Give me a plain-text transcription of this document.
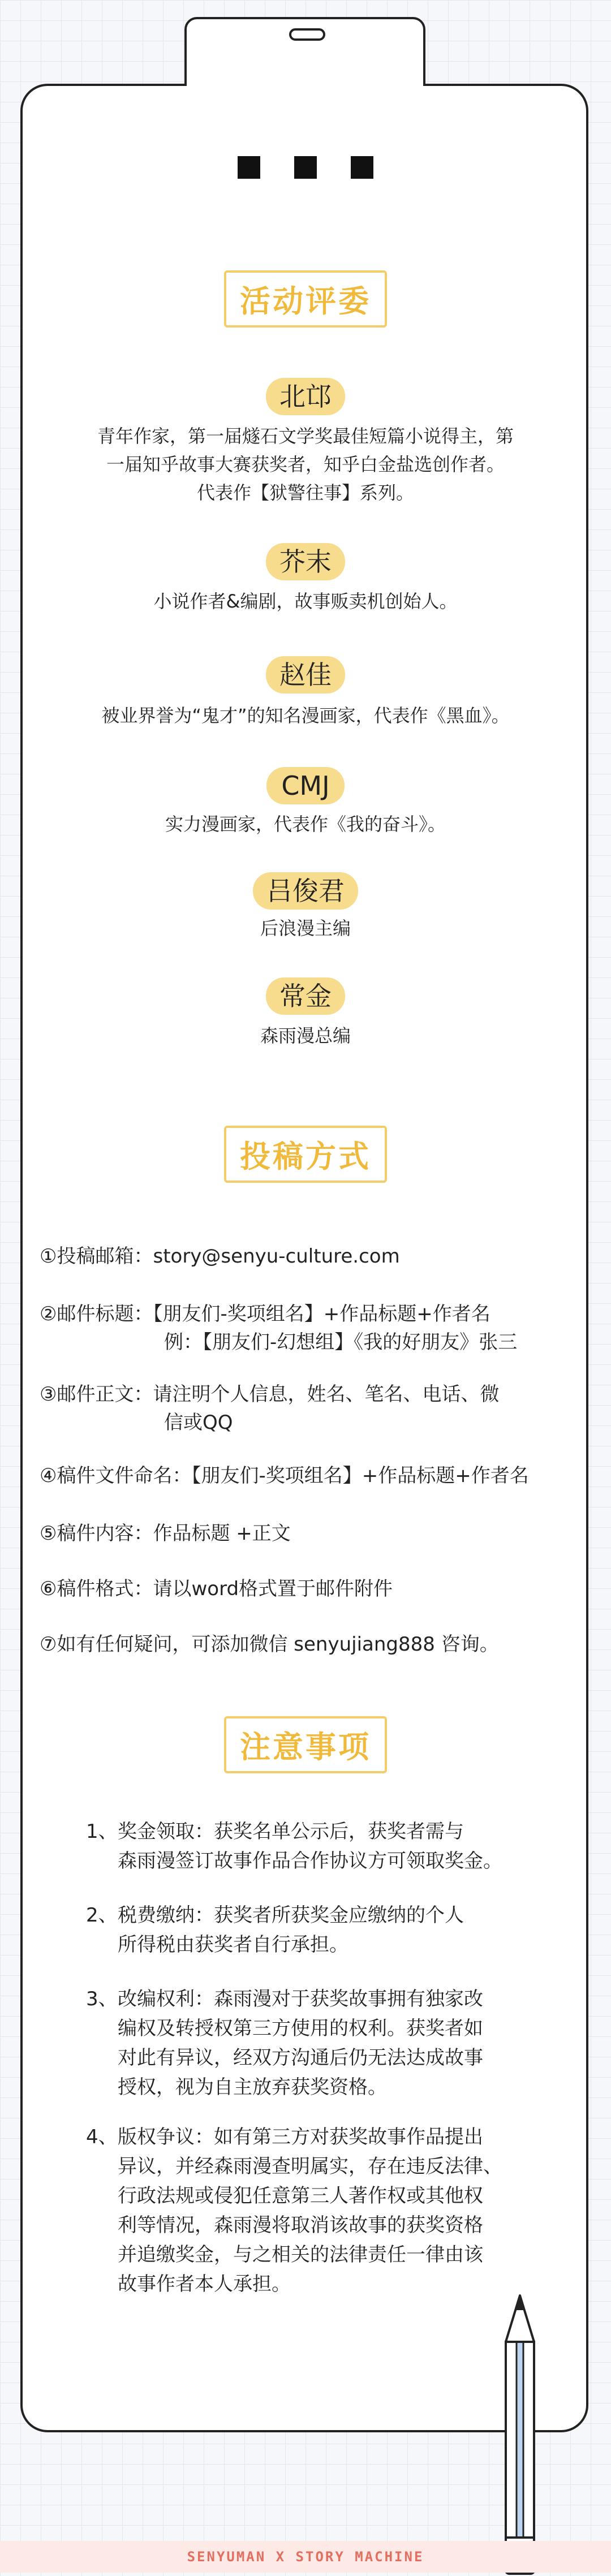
活动评委
北邙
青年作家，第一届燧石文学奖最佳短篇小说得主，第
一届知乎故事大赛获奖者，知乎白金盐选创作者。
代表作【狱警往事】系列。
芥末
小说作者&编剧，故事贩卖机创始人。
赵佳
被业界誉为“鬼才”的知名漫画家，代表作《黑血》。
CMJ
实力漫画家，代表作《我的奋斗》。
吕俊君
后浪漫主编
常金
森雨漫总编
投稿方式
①投稿邮箱：story@senyu-culture.com
②邮件标题：【朋友们-奖项组名】+作品标题+作者名
例：【朋友们-幻想组】《我的好朋友》张三
③邮件正文：请注明个人信息，姓名、笔名、电话、微
信或QQ
④稿件文件命名：【朋友们-奖项组名】+作品标题+作者名
⑤稿件内容：作品标题 +正文
⑥稿件格式：请以word格式置于邮件附件
⑦如有任何疑问，可添加微信 senyujiang888 咨询。
注意事项
1、 奖金领取：获奖名单公示后，获奖者需与
森雨漫签订故事作品合作协议方可领取奖金。
2、 税费缴纳：获奖者所获奖金应缴纳的个人
所得税由获奖者自行承担。
3、 改编权利：森雨漫对于获奖故事拥有独家改
编权及转授权第三方使用的权利。获奖者如
对此有异议，经双方沟通后仍无法达成故事
授权，视为自主放弃获奖资格。
4、 版权争议：如有第三方对获奖故事作品提出
异议，并经森雨漫查明属实，存在违反法律、
行政法规或侵犯任意第三人著作权或其他权
利等情况，森雨漫将取消该故事的获奖资格
并追缴奖金，与之相关的法律责任一律由该
故事作者本人承担。
SENYUMAN X STORY MACHINE
